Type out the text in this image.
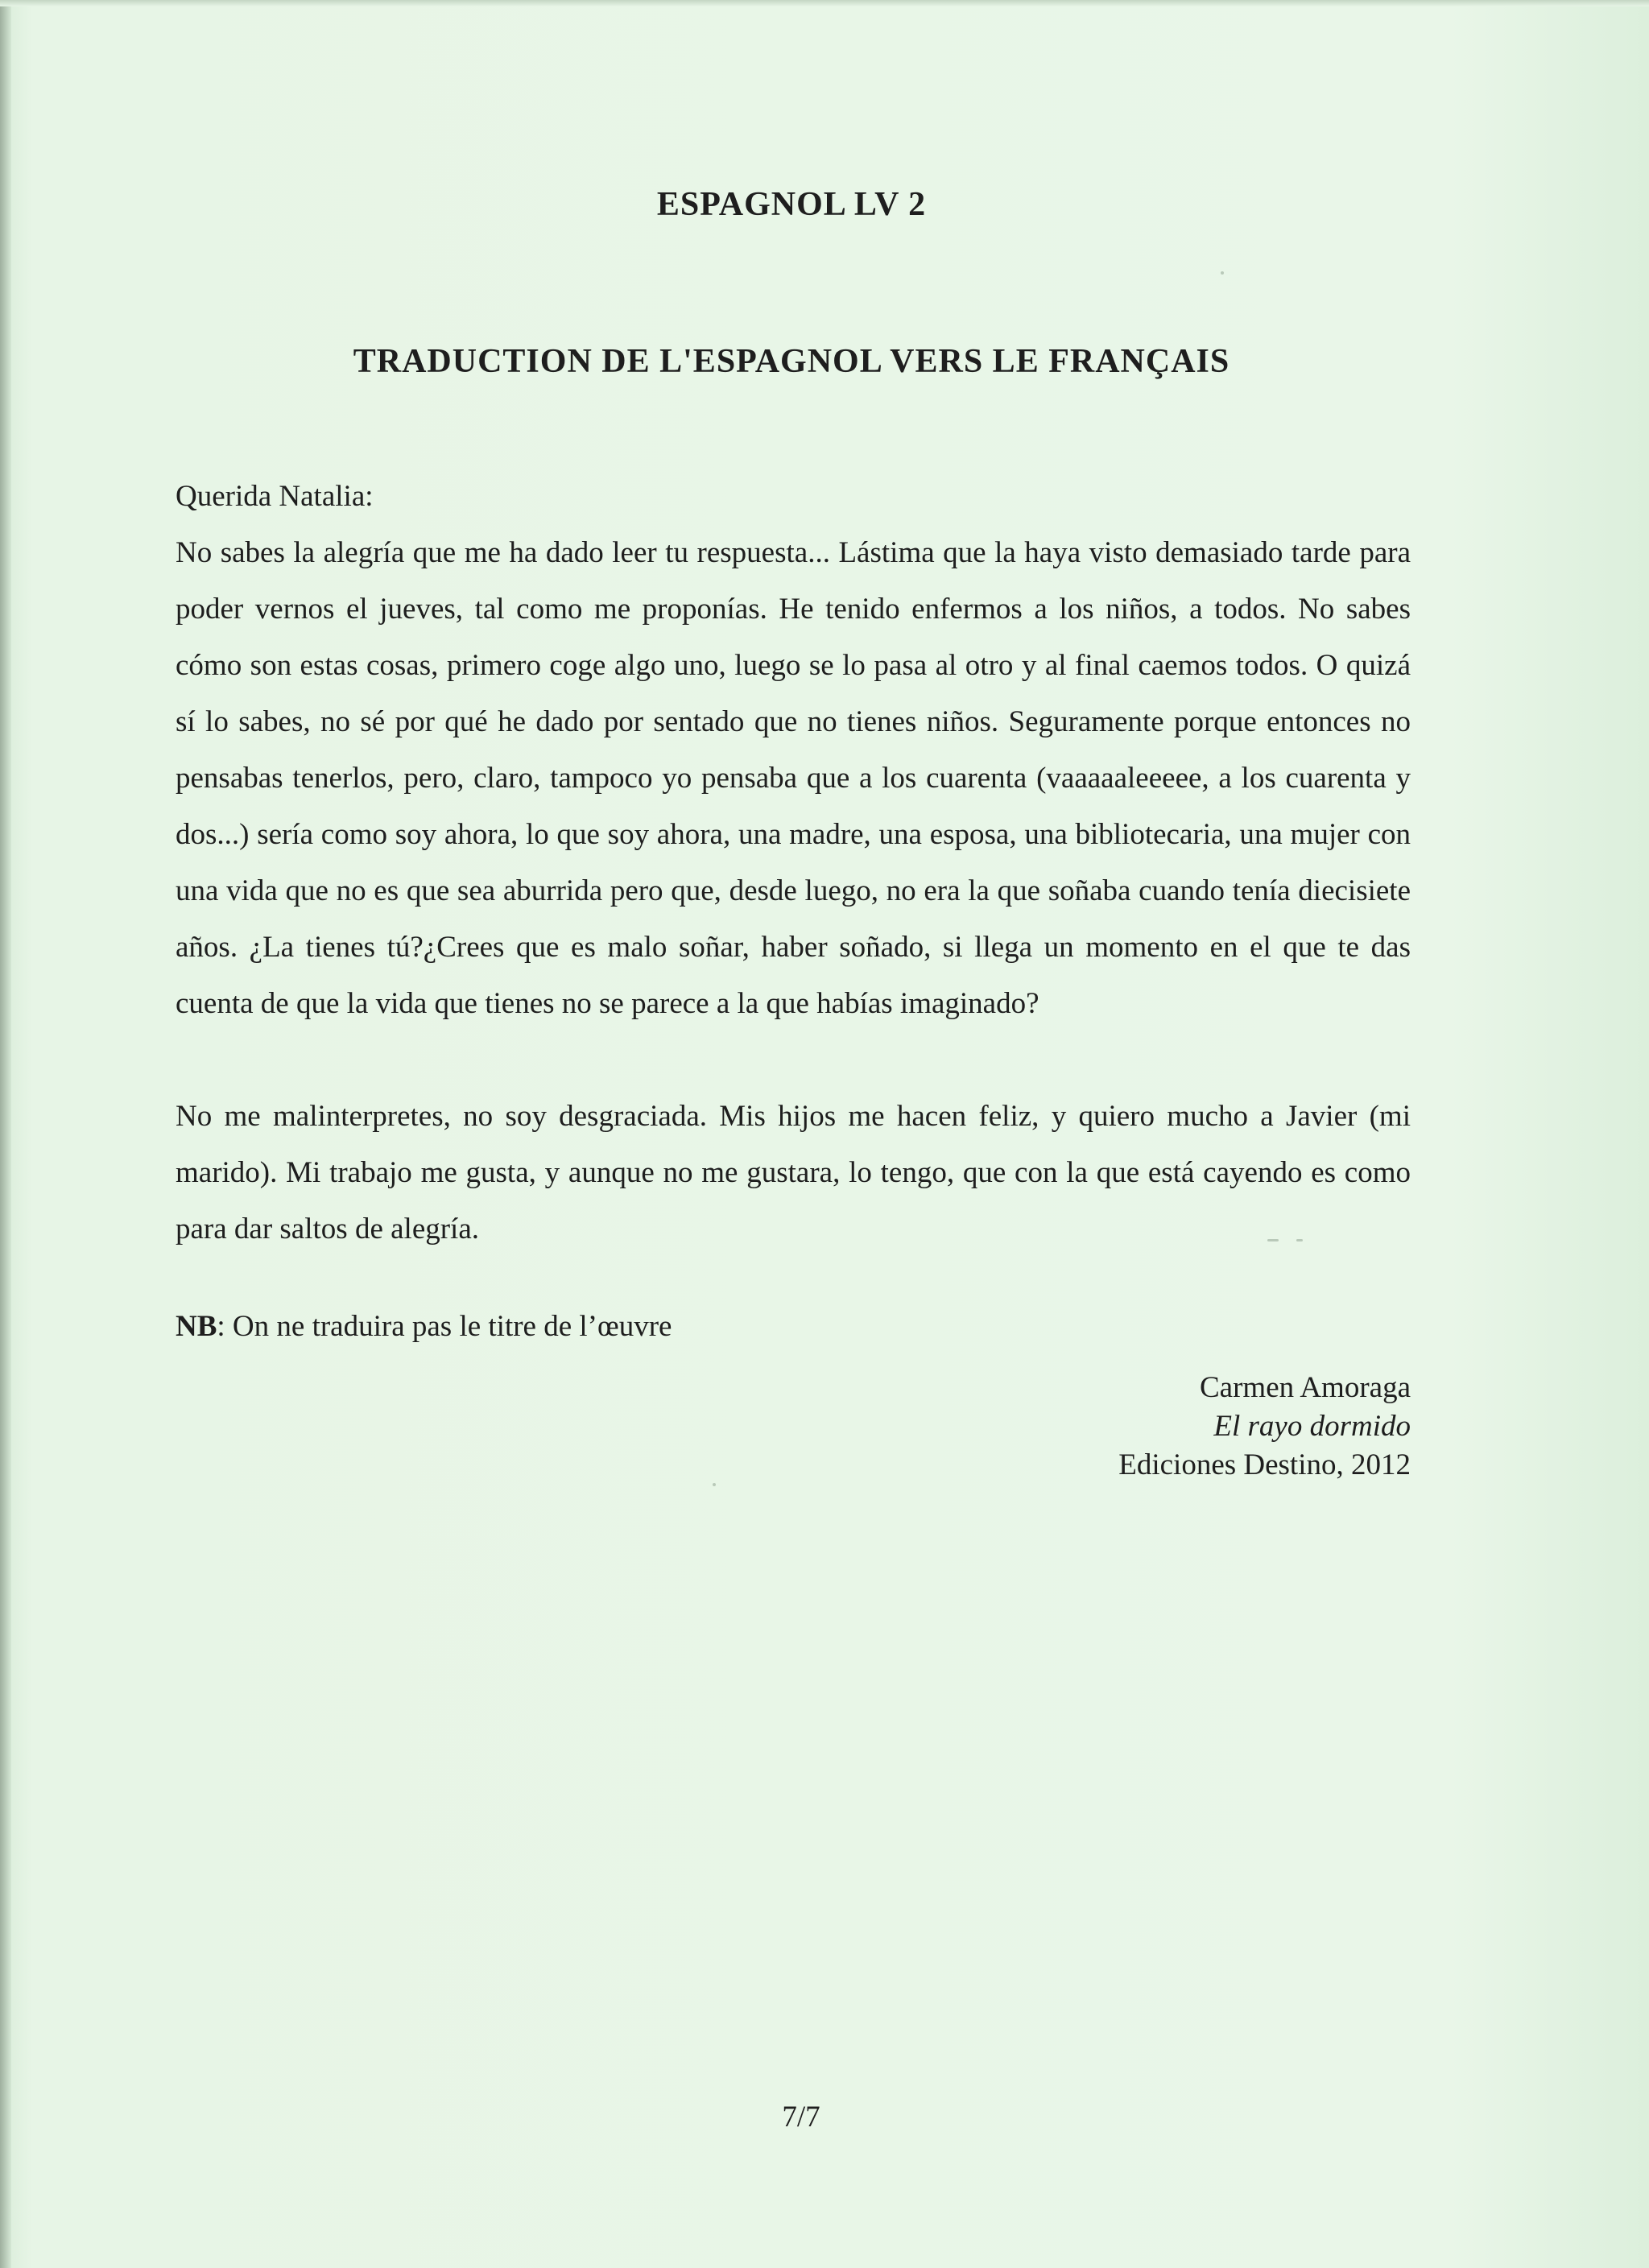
ESPAGNOL LV 2
TRADUCTION DE L'ESPAGNOL VERS LE FRANÇAIS

Querida Natalia:

No sabes la alegría que me ha dado leer tu respuesta... Lástima que la haya visto demasiado tarde para poder vernos el jueves, tal como me proponías. He tenido enfermos a los niños, a todos. No sabes cómo son estas cosas, primero coge algo uno, luego se lo pasa al otro y al final caemos todos. O quizá sí lo sabes, no sé por qué he dado por sentado que no tienes niños. Seguramente porque entonces no pensabas tenerlos, pero, claro, tampoco yo pensaba que a los cuarenta (vaaaaaleeeee, a los cuarenta y dos...) sería como soy ahora, lo que soy ahora, una madre, una esposa, una bibliotecaria, una mujer con una vida que no es que sea aburrida pero que, desde luego, no era la que soñaba cuando tenía diecisiete años. ¿La tienes tú?¿Crees que es malo soñar, haber soñado, si llega un momento en el que te das cuenta de que la vida que tienes no se parece a la que habías imaginado?

No me malinterpretes, no soy desgraciada. Mis hijos me hacen feliz, y quiero mucho a Javier (mi marido). Mi trabajo me gusta, y aunque no me gustara, lo tengo, que con la que está cayendo es como para dar saltos de alegría.

NB: On ne traduira pas le titre de l’œuvre

Carmen Amoraga
El rayo dormido
Ediciones Destino, 2012
7/7
